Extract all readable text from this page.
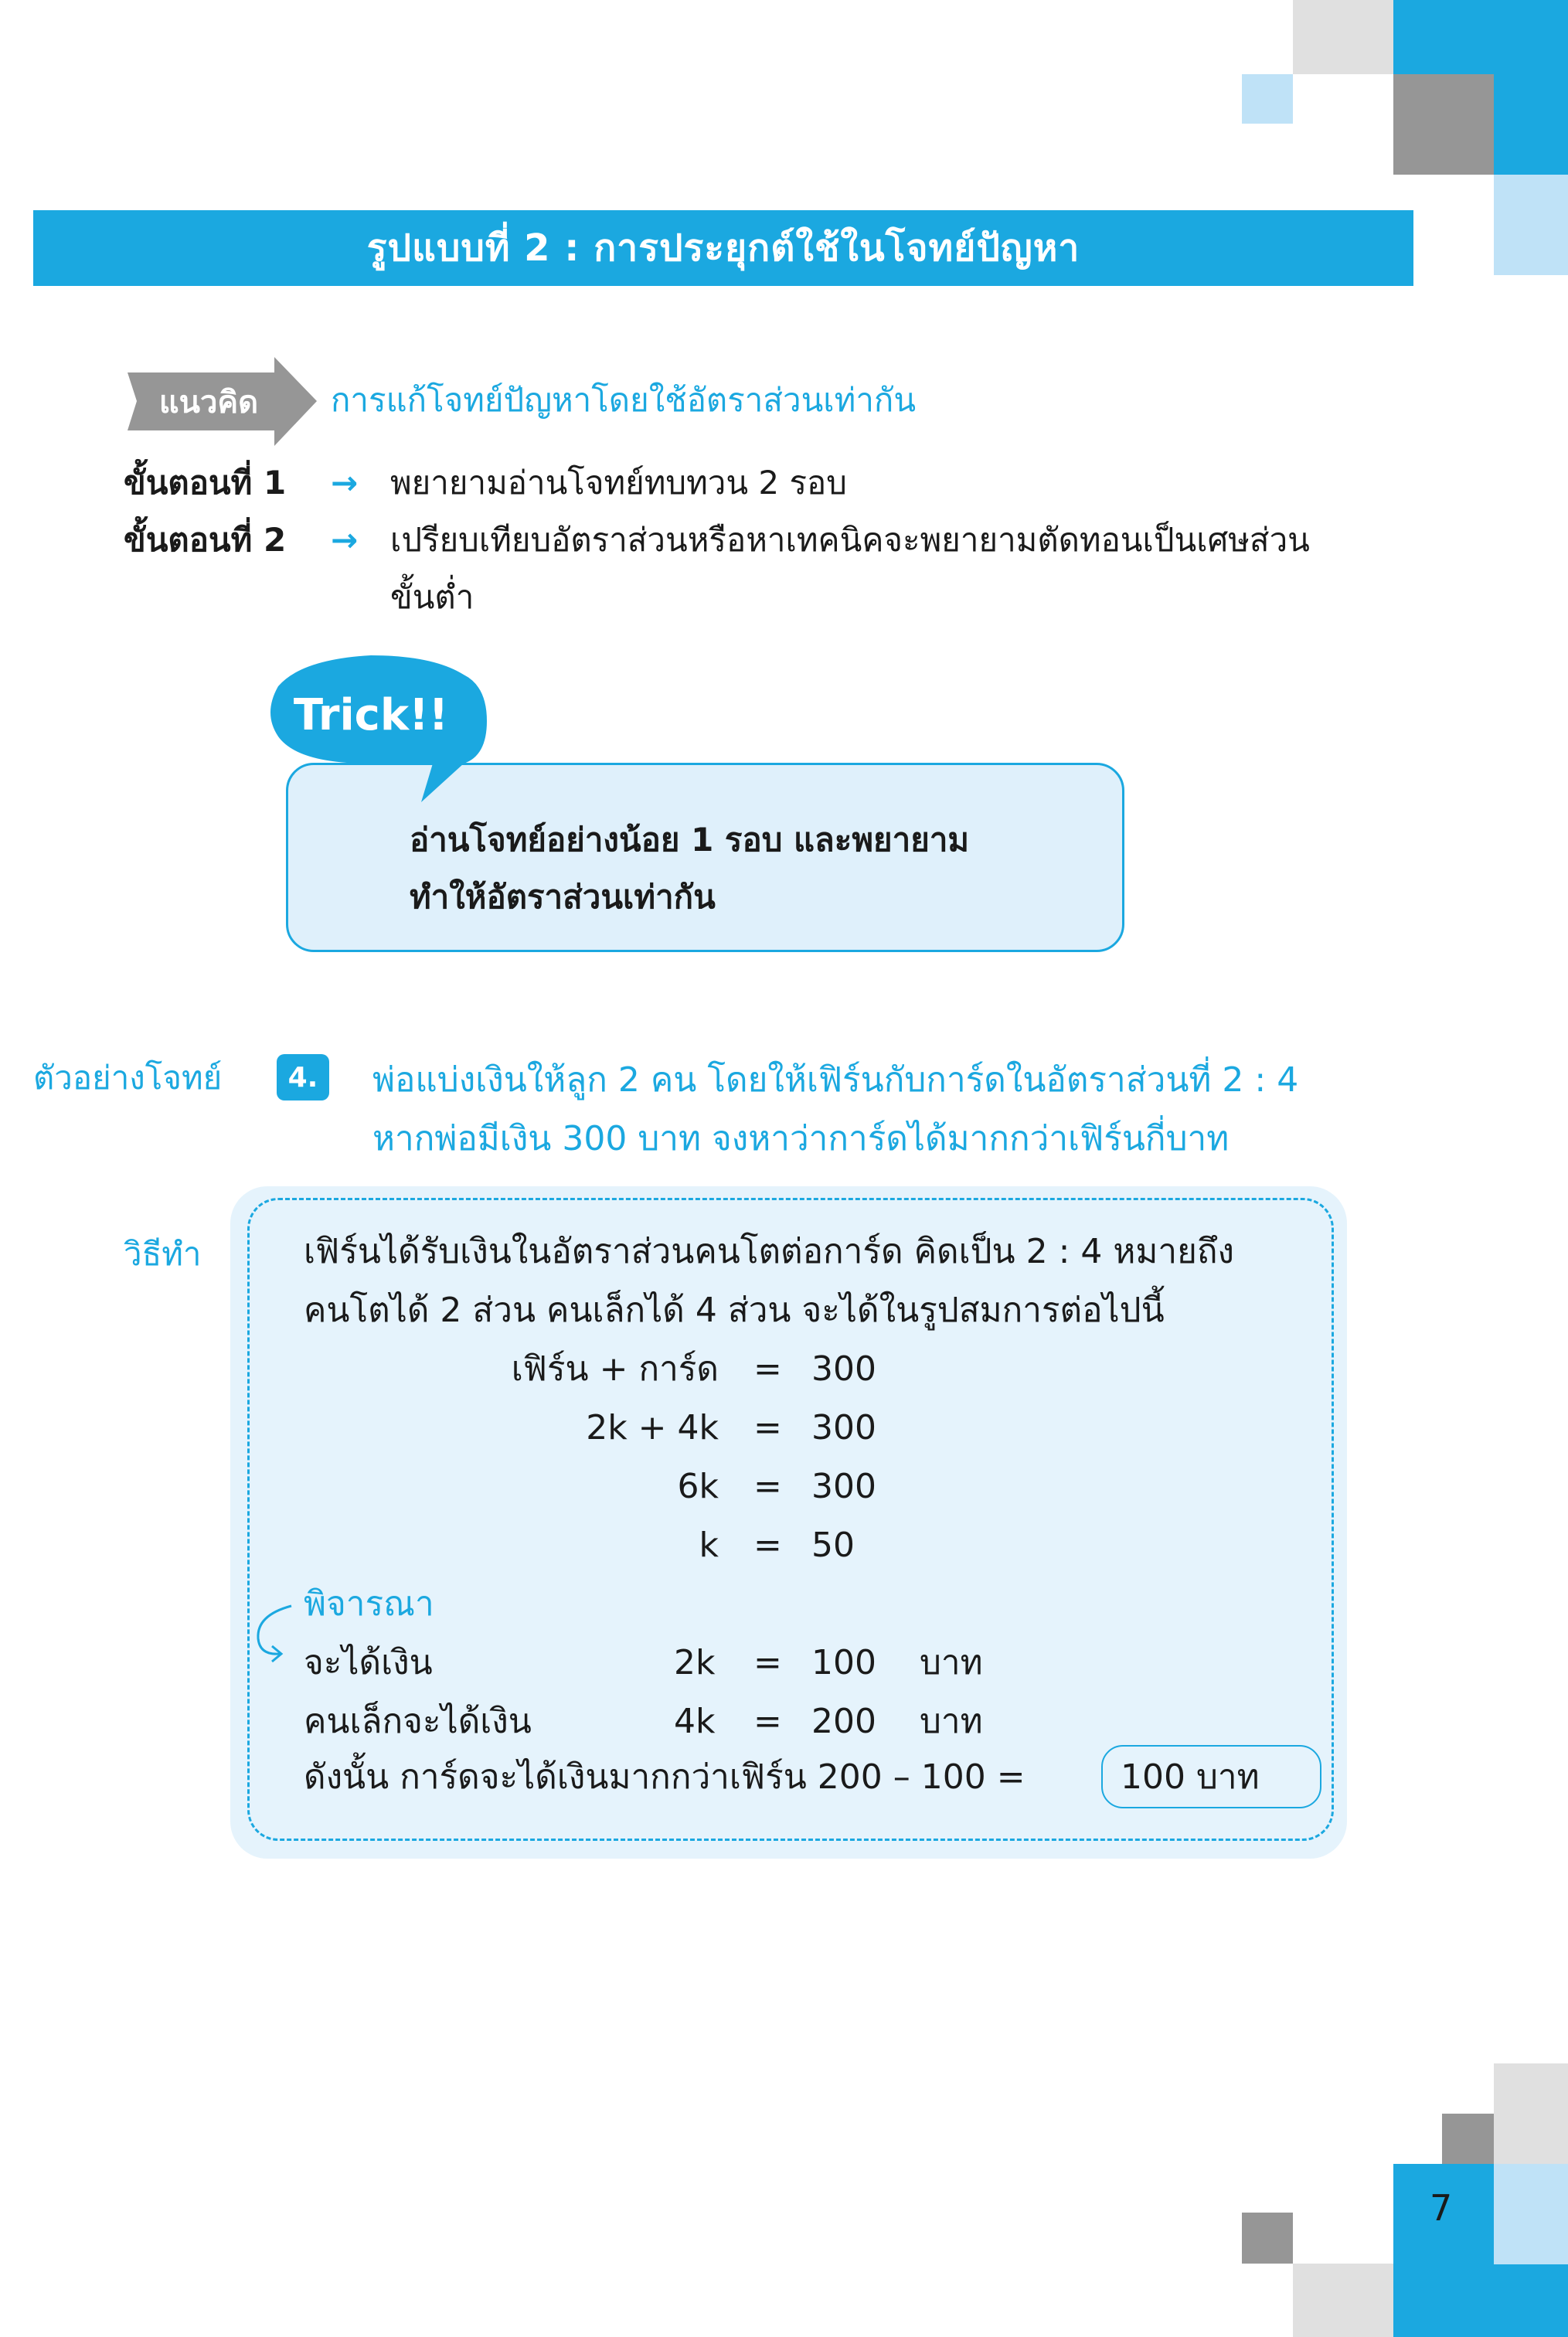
รูปแบบที่ 2 : การประยุกต์ใช้ในโจทย์ปัญหา
แนวคิด	การแก้โจทย์ปัญหาโดยใช้อัตราส่วนเท่ากัน
ขั้นตอนที่ 1 → พยายามอ่านโจทย์ทบทวน 2 รอบ
ขั้นตอนที่ 2 → เปรียบเทียบอัตราส่วนหรือหาเทคนิคจะพยายามตัดทอนเป็นเศษส่วน
ขั้นต่ำ
Trick!!
อ่านโจทย์อย่างน้อย 1 รอบ และพยายาม
ทำให้อัตราส่วนเท่ากัน
ตัวอย่างโจทย์	4.	พ่อแบ่งเงินให้ลูก 2 คน โดยให้เฟิร์นกับการ์ดในอัตราส่วนที่ 2 : 4
หากพ่อมีเงิน 300 บาท จงหาว่าการ์ดได้มากกว่าเฟิร์นกี่บาท
วิธีทำ	เฟิร์นได้รับเงินในอัตราส่วนคนโตต่อการ์ด คิดเป็น 2 : 4 หมายถึง
คนโตได้ 2 ส่วน คนเล็กได้ 4 ส่วน จะได้ในรูปสมการต่อไปนี้
เฟิร์น + การ์ด = 300
2k + 4k = 300
6k = 300
k = 50
พิจารณา
จะได้เงิน	2k = 100 บาท
คนเล็กจะได้เงิน	4k = 200 บาท
ดังนั้น การ์ดจะได้เงินมากกว่าเฟิร์น 200 – 100 =	100 บาท
7
